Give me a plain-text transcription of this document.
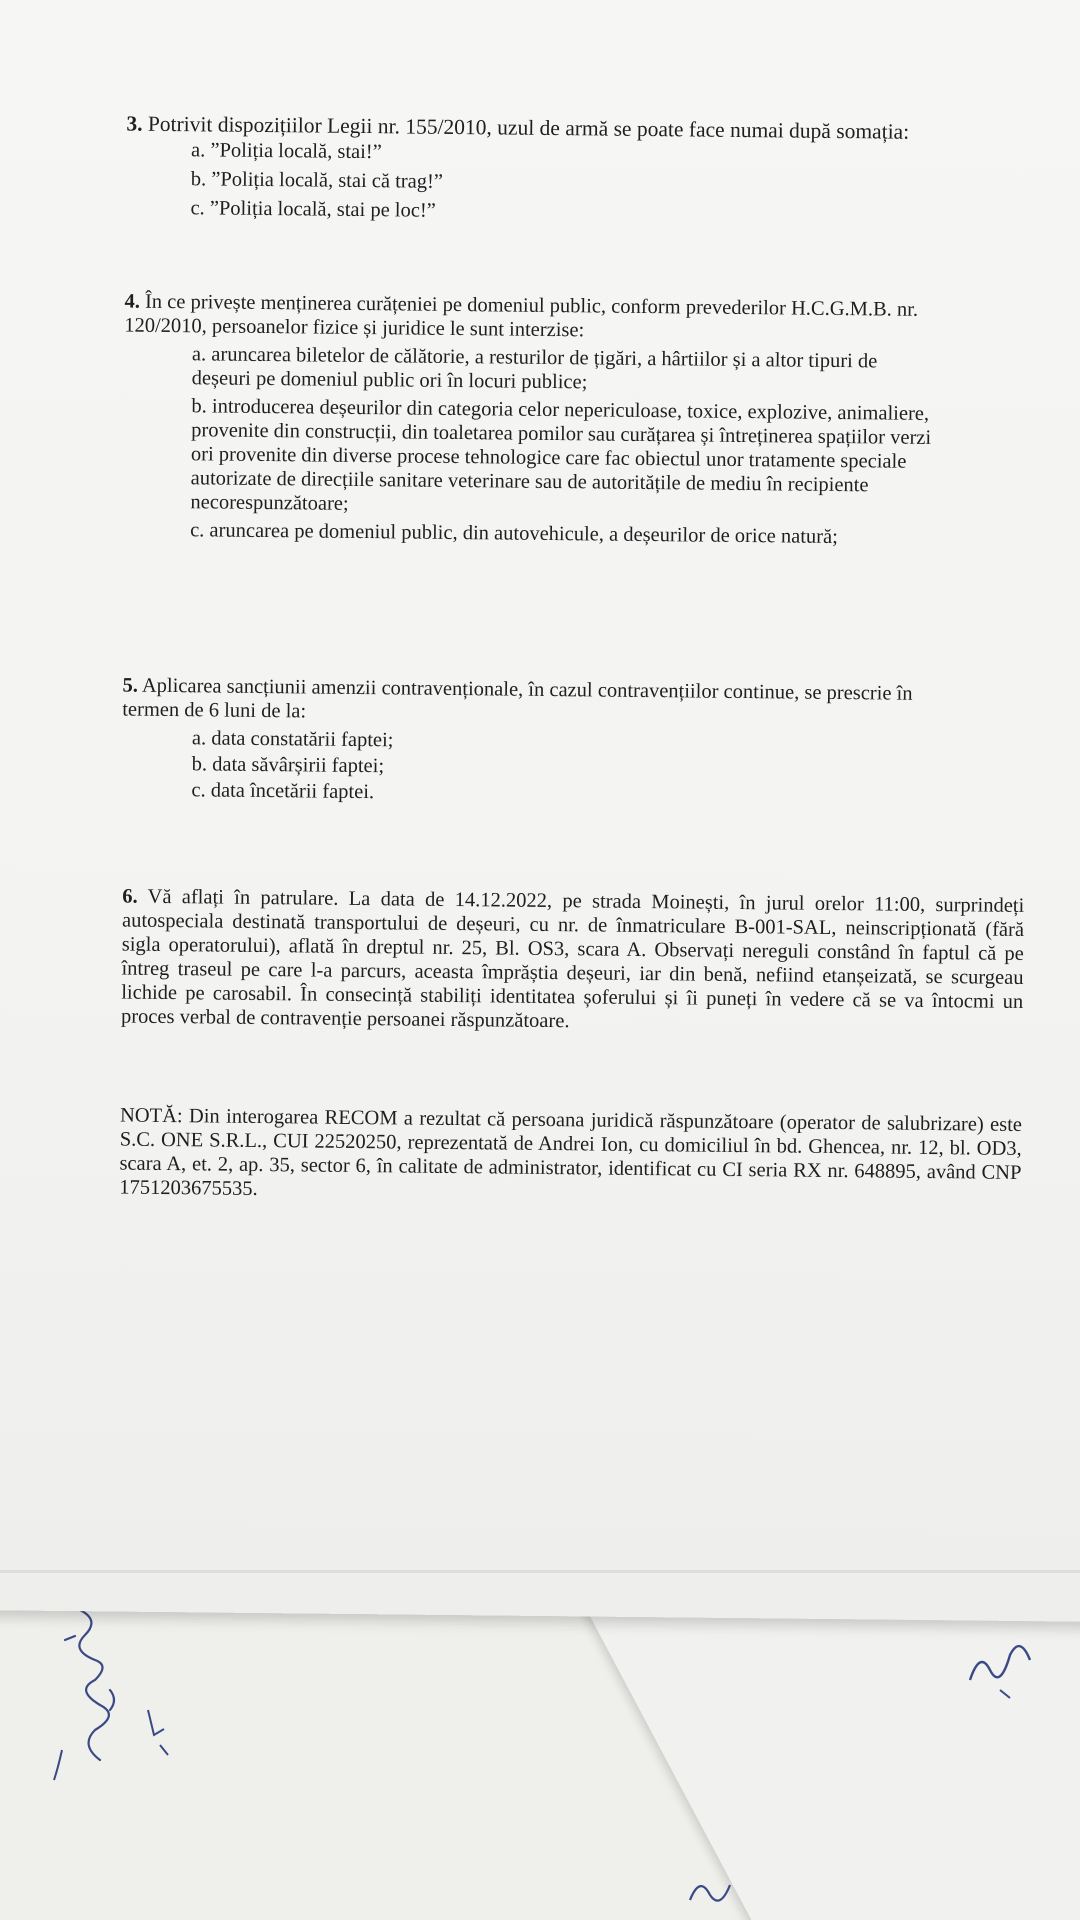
3. Potrivit dispozițiilor Legii nr. 155/2010, uzul de armă se poate face numai după somația:
a. ”Poliția locală, stai!”
b. ”Poliția locală, stai că trag!”
c. ”Poliția locală, stai pe loc!”
4. În ce privește menținerea curățeniei pe domeniul public, conform prevederilor H.C.G.M.B. nr.
120/2010, persoanelor fizice și juridice le sunt interzise:
a. aruncarea biletelor de călătorie, a resturilor de țigări, a hârtiilor și a altor tipuri de
deșeuri pe domeniul public ori în locuri publice;
b. introducerea deșeurilor din categoria celor nepericuloase, toxice, explozive, animaliere,
provenite din construcții, din toaletarea pomilor sau curățarea și întreținerea spațiilor verzi
ori provenite din diverse procese tehnologice care fac obiectul unor tratamente speciale
autorizate de direcțiile sanitare veterinare sau de autoritățile de mediu în recipiente
necorespunzătoare;
c. aruncarea pe domeniul public, din autovehicule, a deșeurilor de orice natură;
5. Aplicarea sancțiunii amenzii contravenționale, în cazul contravențiilor continue, se prescrie în
termen de 6 luni de la:
a. data constatării faptei;
b. data săvârșirii faptei;
c. data încetării faptei.
6. Vă aflați în patrulare. La data de 14.12.2022, pe strada Moinești, în jurul orelor 11:00, surprindeți autospeciala destinată transportului de deșeuri, cu nr. de înmatriculare B-001-SAL, neinscripționată (fără sigla operatorului), aflată în dreptul nr. 25, Bl. OS3, scara A. Observați nereguli constând în faptul că pe întreg traseul pe care l-a parcurs, aceasta împrăștia deșeuri, iar din benă, nefiind etanșeizată, se scurgeau lichide pe carosabil. În consecință stabiliți identitatea șoferului și îi puneți în vedere că se va întocmi un proces verbal de contravenție persoanei răspunzătoare.
NOTĂ: Din interogarea RECOM a rezultat că persoana juridică răspunzătoare (operator de salubrizare) este S.C. ONE S.R.L., CUI 22520250, reprezentată de Andrei Ion, cu domiciliul în bd. Ghencea, nr. 12, bl. OD3, scara A, et. 2, ap. 35, sector 6, în calitate de administrator, identificat cu CI seria RX nr. 648895, având CNP 1751203675535.
